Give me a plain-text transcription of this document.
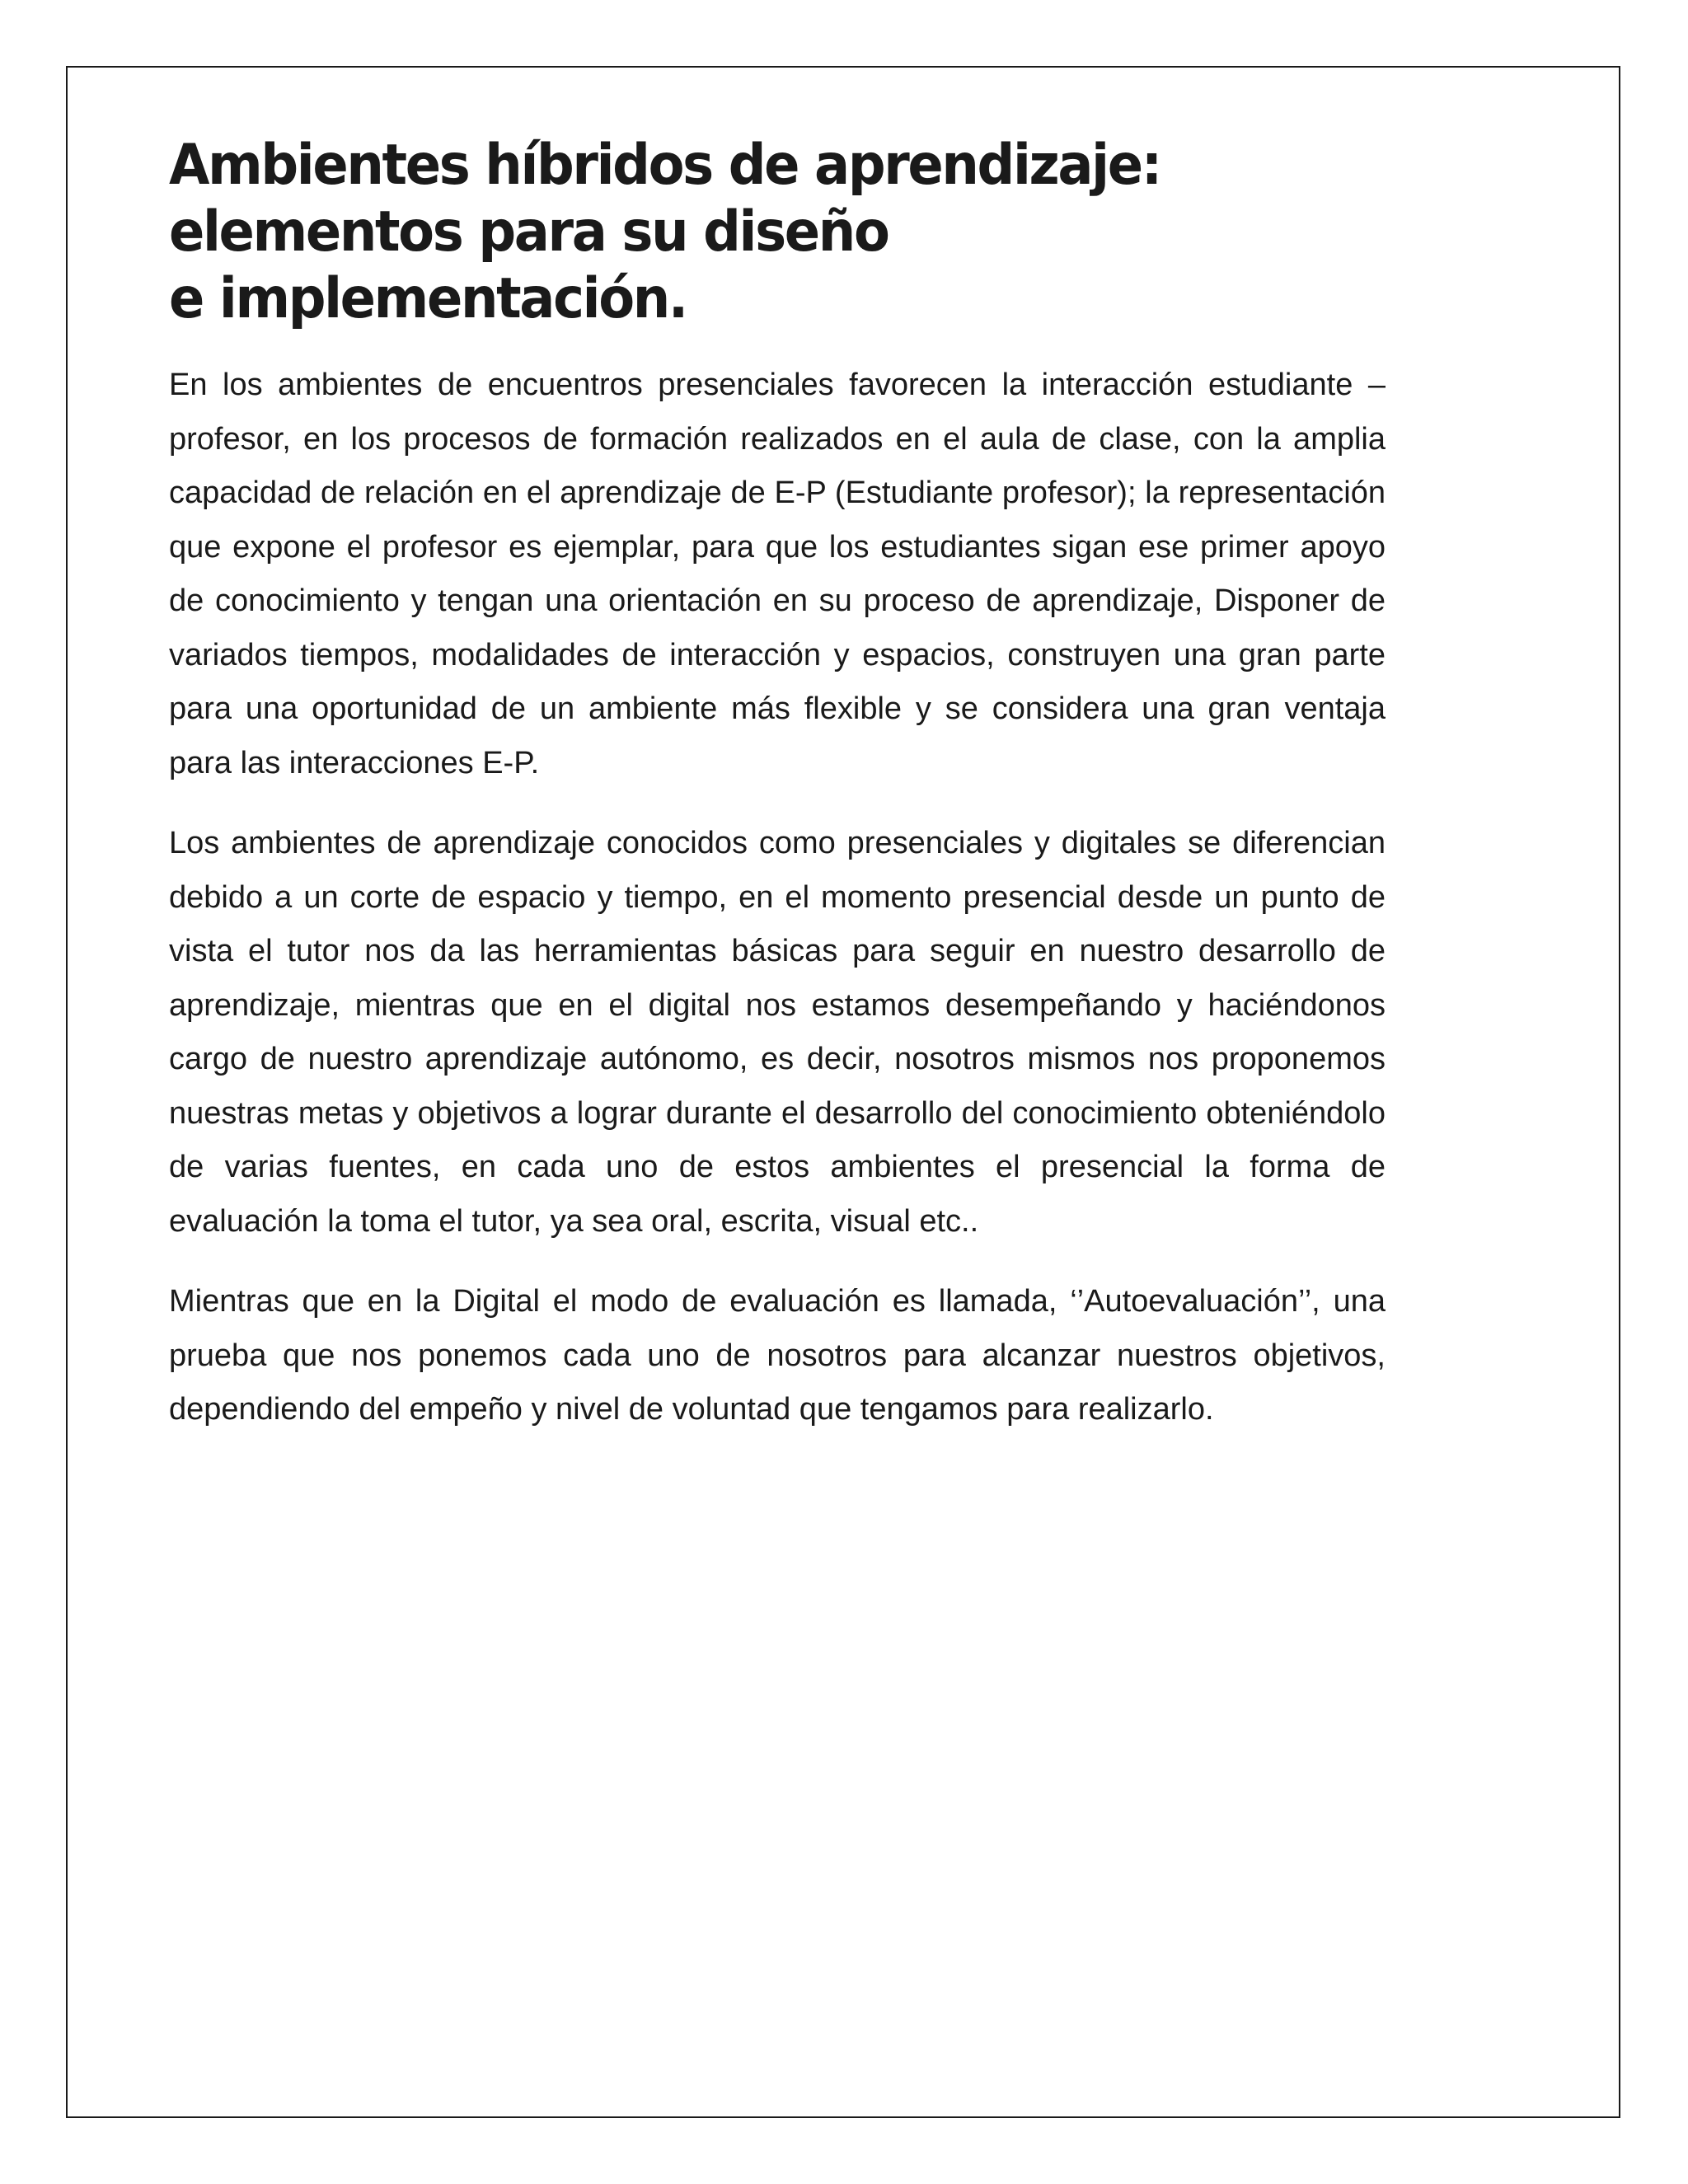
Ambientes híbridos de aprendizaje:
elementos para su diseño
e implementación.

En los ambientes de encuentros presenciales favorecen la interacción estudiante – profesor, en los procesos de formación realizados en el aula de clase, con la amplia capacidad de relación en el aprendizaje de E-P (Estudiante profesor); la representación que expone el profesor es ejemplar, para que los estudiantes sigan ese primer apoyo de conocimiento y tengan una orientación en su proceso de aprendizaje, Disponer de variados tiempos, modalidades de interacción y espacios, construyen una gran parte para una oportunidad de un ambiente más flexible y se considera una gran ventaja para las interacciones E-P.

Los ambientes de aprendizaje conocidos como presenciales y digitales se diferencian debido a un corte de espacio y tiempo, en el momento presencial desde un punto de vista el tutor nos da las herramientas básicas para seguir en nuestro desarrollo de aprendizaje, mientras que en el digital nos estamos desempeñando y haciéndonos cargo de nuestro aprendizaje autónomo, es decir, nosotros mismos nos proponemos nuestras metas y objetivos a lograr durante el desarrollo del conocimiento obteniéndolo de varias fuentes, en cada uno de estos ambientes el presencial la forma de evaluación la toma el tutor, ya sea oral, escrita, visual etc..

Mientras que en la Digital el modo de evaluación es llamada, ‘’Autoevaluación’’, una prueba que nos ponemos cada uno de nosotros para alcanzar nuestros objetivos, dependiendo del empeño y nivel de voluntad que tengamos para realizarlo.
